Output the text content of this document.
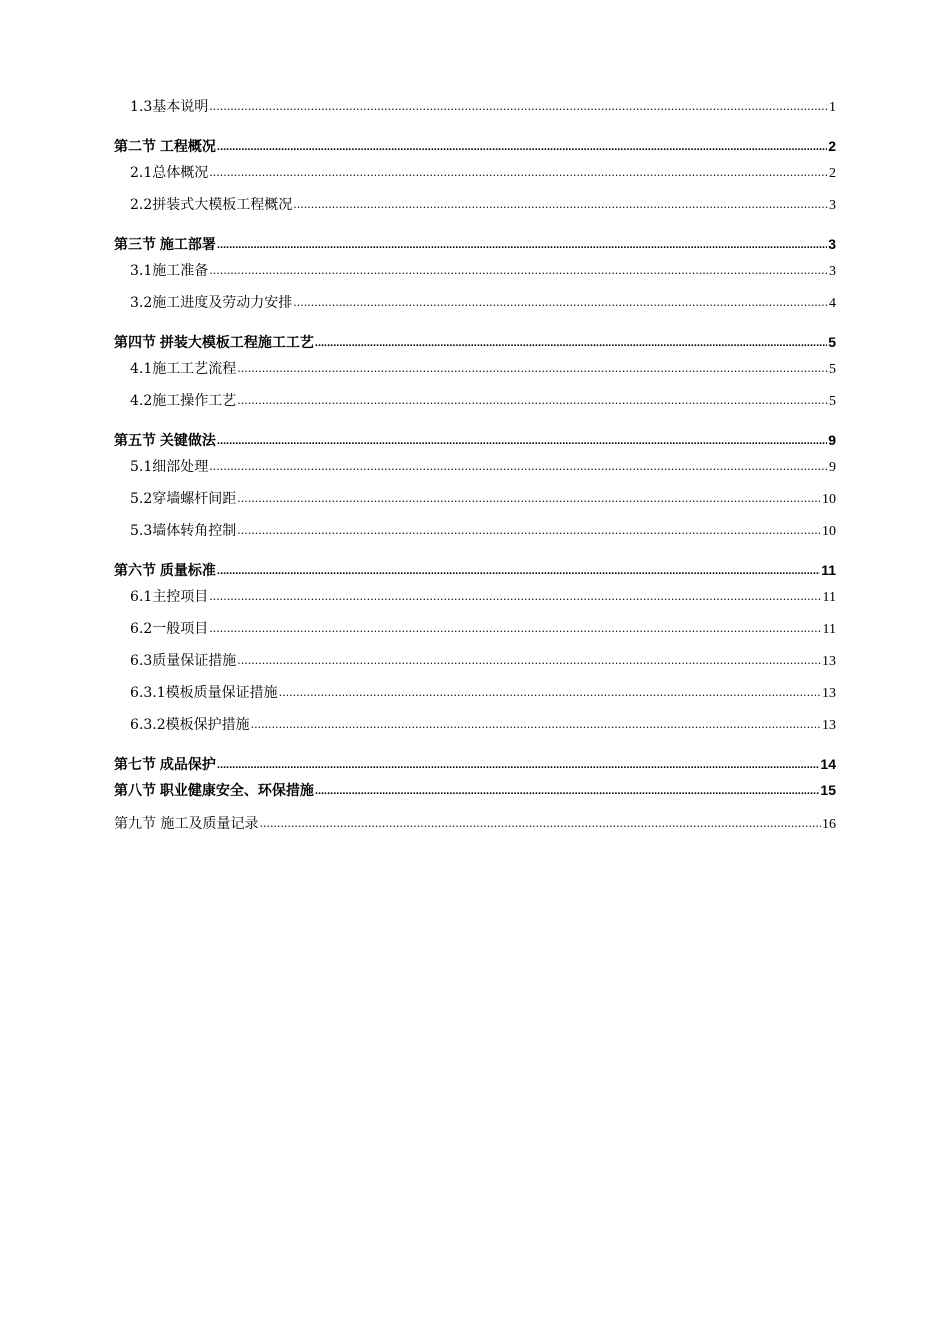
1.3基本说明 .....	1
第二节 工程概况 .....	2
2.1总体概况 .....	2
2.2拼装式大模板工程概况 .....	3
第三节 施工部署 .....	3
3.1施工准备 .....	3
3.2施工进度及劳动力安排 .....	4
第四节 拼装大模板工程施工工艺 .....	5
4.1施工工艺流程 .....	5
4.2施工操作工艺 .....	5
第五节 关键做法 .....	9
5.1细部处理 .....	9
5.2穿墙螺杆间距 .....	10
5.3墙体转角控制 .....	10
第六节 质量标准 .....	11
6.1主控项目 .....	11
6.2一般项目 .....	11
6.3质量保证措施 .....	13
6.3.1模板质量保证措施 .....	13
6.3.2模板保护措施 .....	13
第七节 成品保护 .....	14
第八节 职业健康安全、环保措施 .....	15
第九节 施工及质量记录 .....	16
